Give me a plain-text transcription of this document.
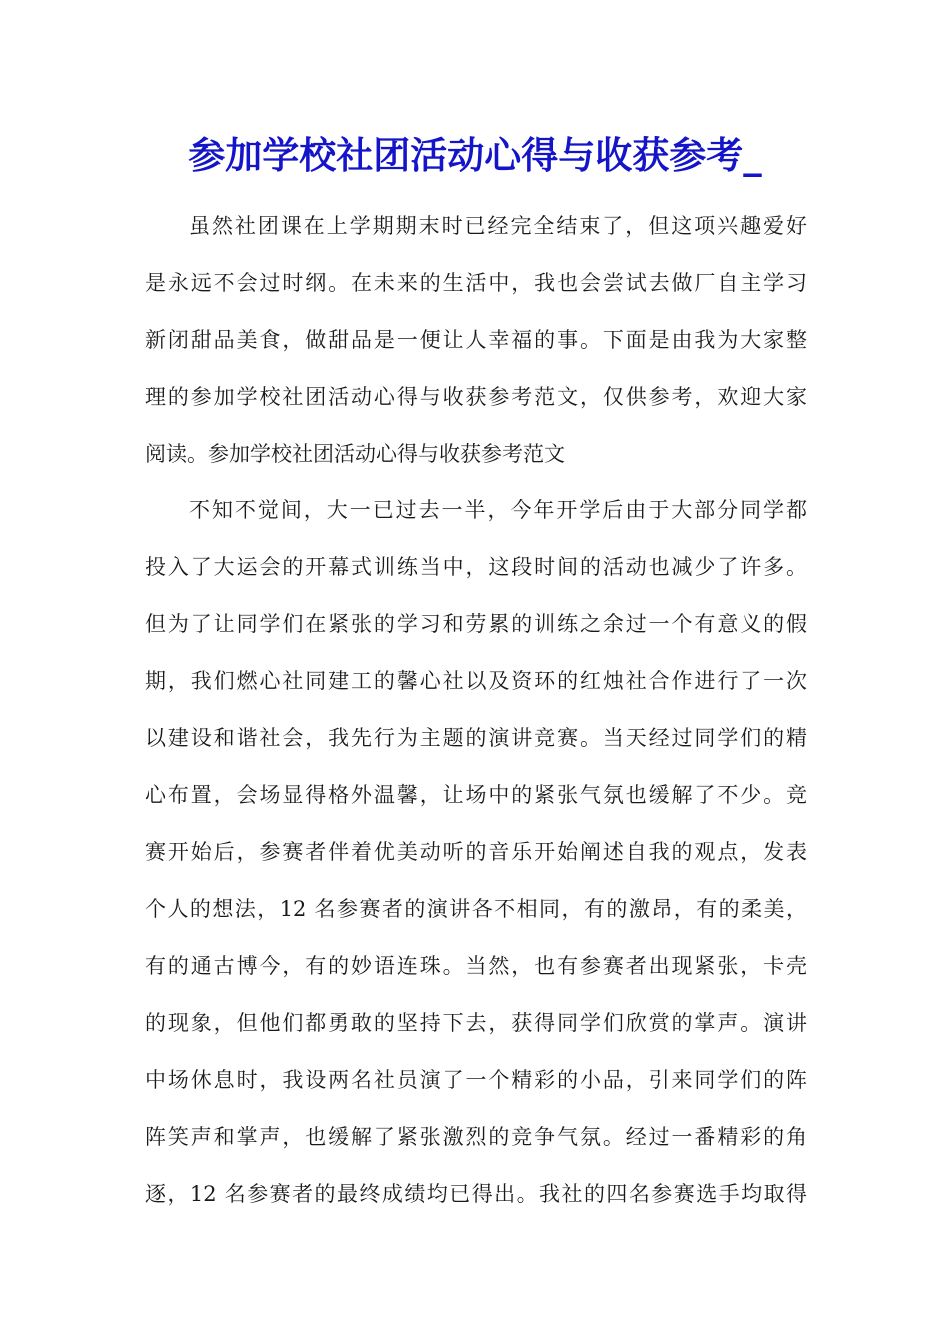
参加学校社团活动心得与收获参考_
虽然社团课在上学期期末时已经完全结束了，但这项兴趣爱好
是永远不会过时纲。在未来的生活中，我也会尝试去做厂自主学习
新闭甜品美食，做甜品是一便让人幸福的事。下面是由我为大家整
理的参加学校社团活动心得与收获参考范文，仅供参考，欢迎大家
阅读。参加学校社团活动心得与收获参考范文
不知不觉间，大一已过去一半，今年开学后由于大部分同学都
投入了大运会的开幕式训练当中，这段时间的活动也减少了许多。
但为了让同学们在紧张的学习和劳累的训练之余过一个有意义的假
期，我们燃心社同建工的馨心社以及资环的红烛社合作进行了一次
以建设和谐社会，我先行为主题的演讲竞赛。当天经过同学们的精
心布置，会场显得格外温馨，让场中的紧张气氛也缓解了不少。竞
赛开始后，参赛者伴着优美动听的音乐开始阐述自我的观点，发表
个人的想法，12 名参赛者的演讲各不相同，有的激昂，有的柔美，
有的通古博今，有的妙语连珠。当然，也有参赛者出现紧张，卡壳
的现象，但他们都勇敢的坚持下去，获得同学们欣赏的掌声。演讲
中场休息时，我设两名社员演了一个精彩的小品，引来同学们的阵
阵笑声和掌声，也缓解了紧张激烈的竞争气氛。经过一番精彩的角
逐，12 名参赛者的最终成绩均已得出。我社的四名参赛选手均取得
